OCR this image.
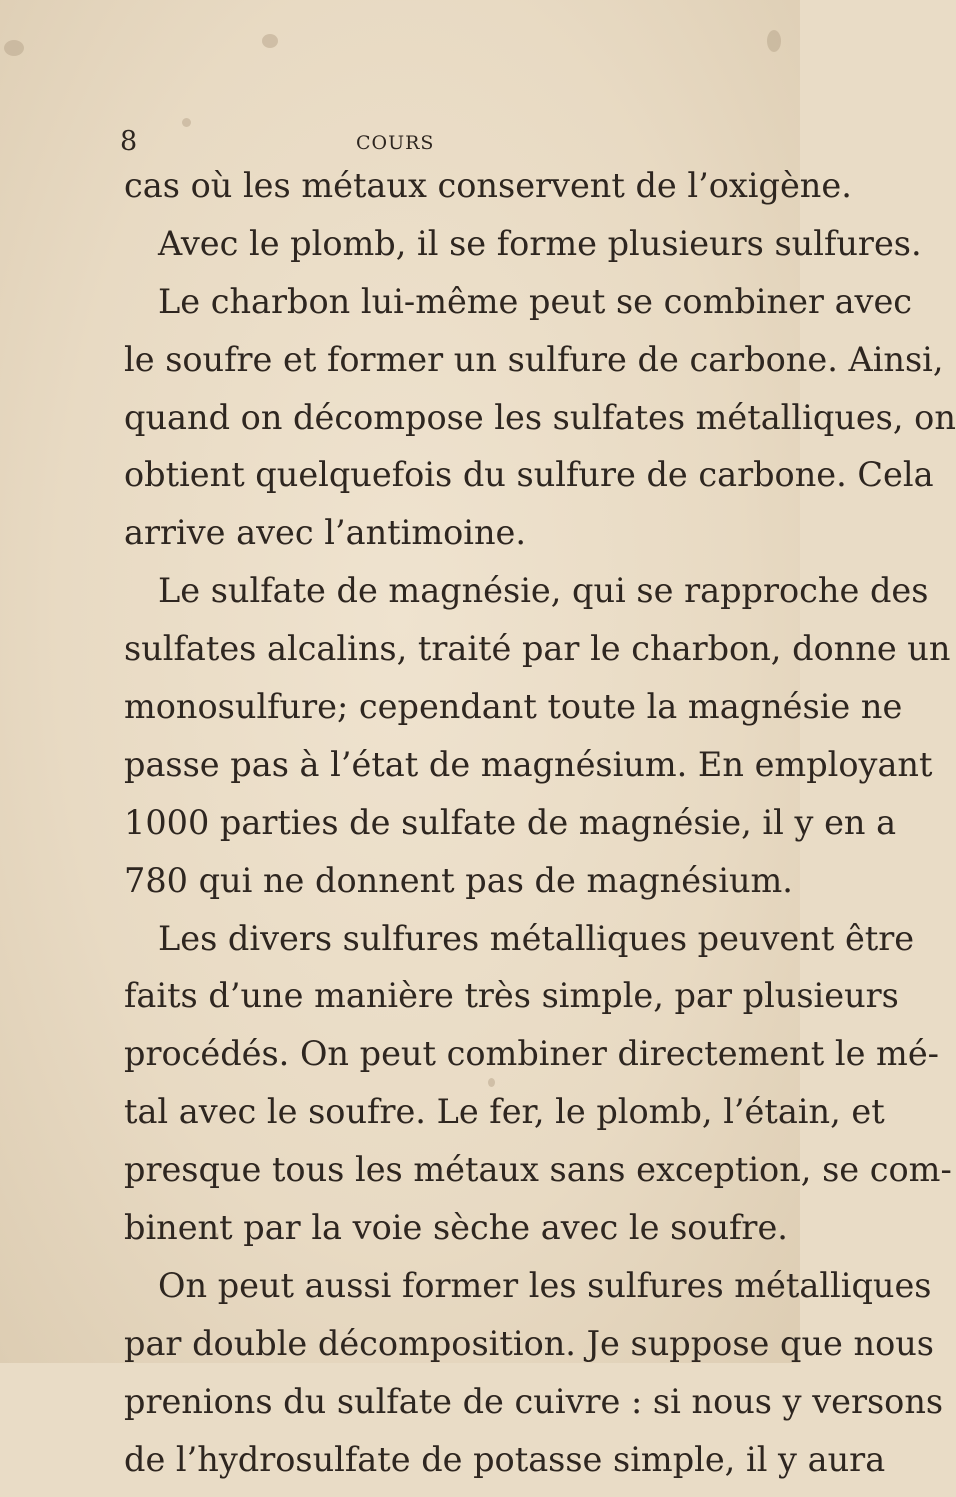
8	COURS
cas où les métaux conservent de l’oxigène.
Avec le plomb, il se forme plusieurs sulfures.
Le charbon lui-même peut se combiner avec
le soufre et former un sulfure de carbone. Ainsi,
quand on décompose les sulfates métalliques, on
obtient quelquefois du sulfure de carbone. Cela
arrive avec l’antimoine.
Le sulfate de magnésie, qui se rapproche des
sulfates alcalins, traité par le charbon, donne un
monosulfure; cependant toute la magnésie ne
passe pas à l’état de magnésium. En employant
1000 parties de sulfate de magnésie, il y en a
780 qui ne donnent pas de magnésium.
Les divers sulfures métalliques peuvent être
faits d’une manière très simple, par plusieurs
procédés. On peut combiner directement le mé-
tal avec le soufre. Le fer, le plomb, l’étain, et
presque tous les métaux sans exception, se com-
binent par la voie sèche avec le soufre.
On peut aussi former les sulfures métalliques
par double décomposition. Je suppose que nous
prenions du sulfate de cuivre : si nous y versons
de l’hydrosulfate de potasse simple, il y aura
